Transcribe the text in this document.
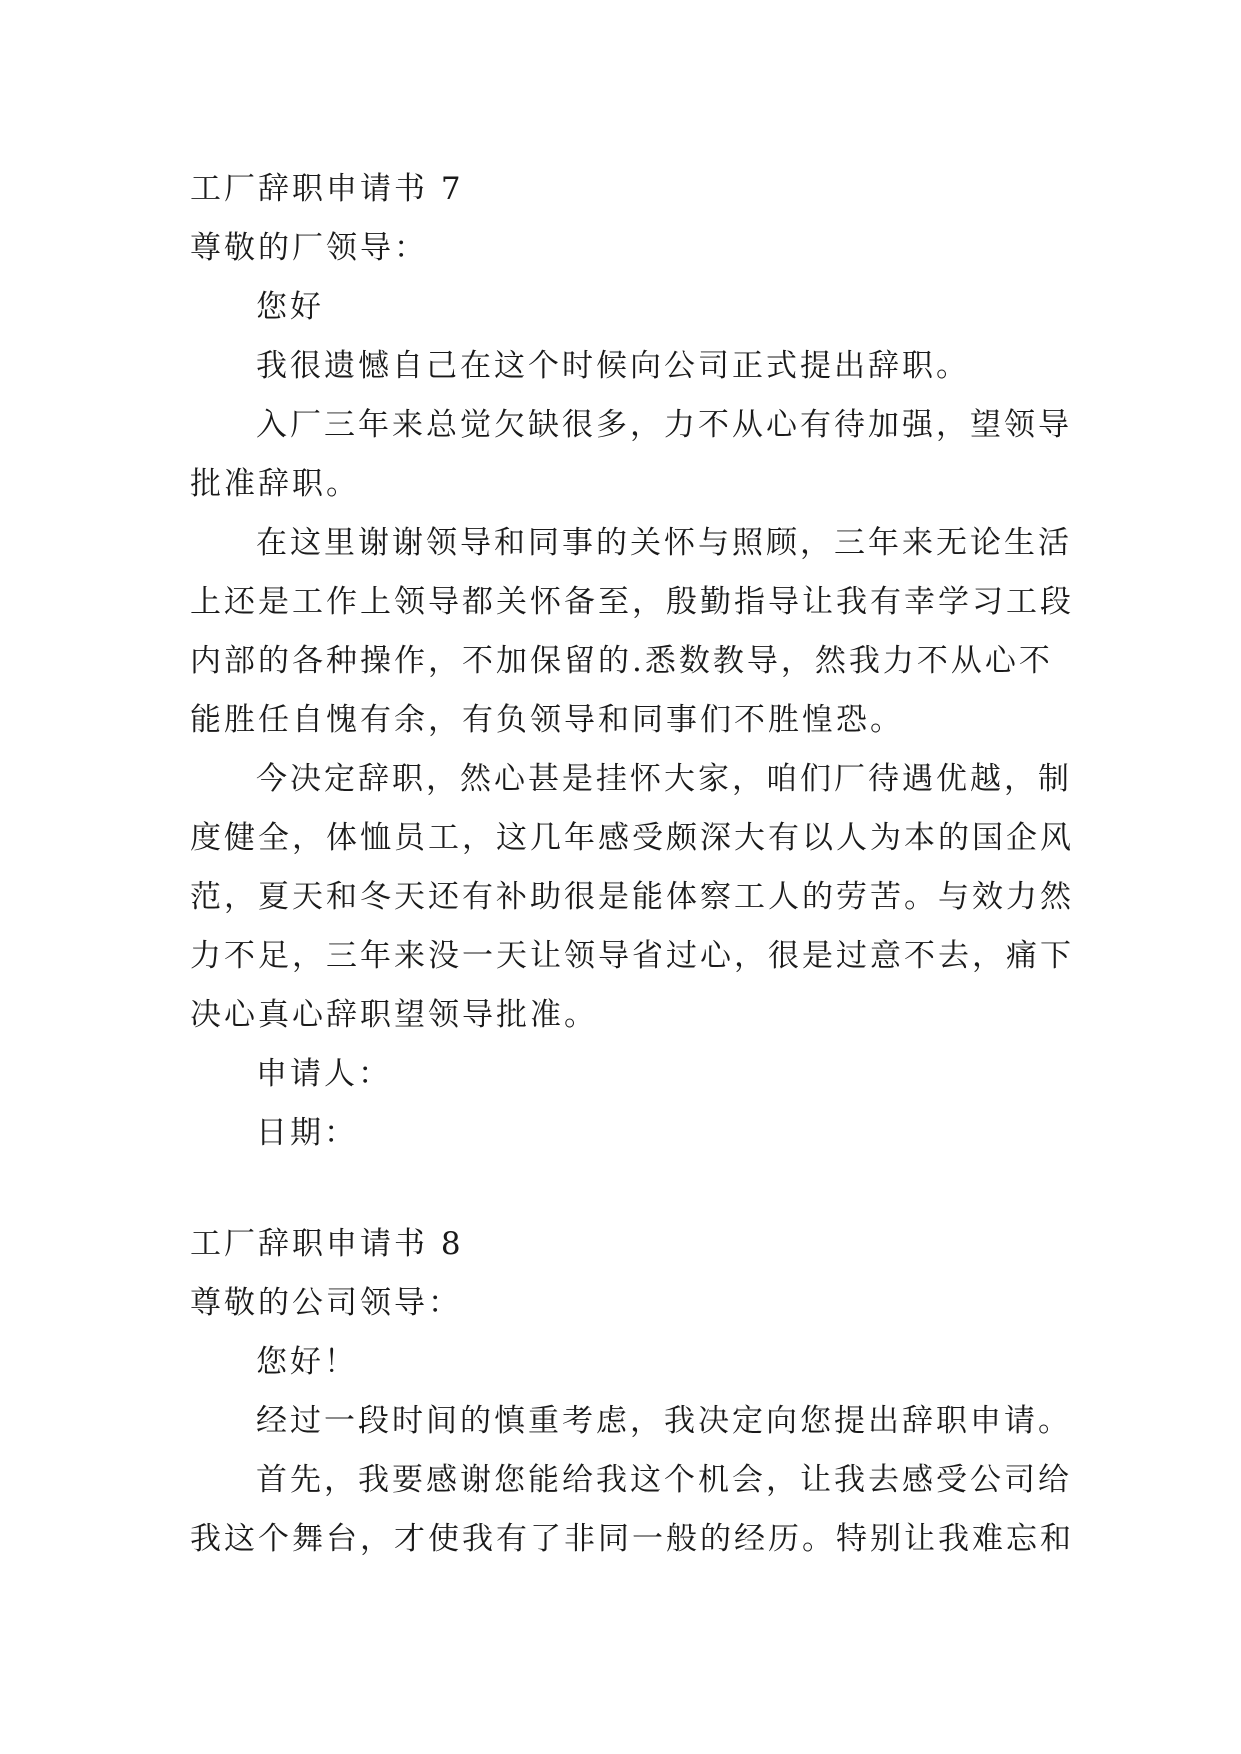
工厂辞职申请书 7
尊敬的厂领导：
您好
我很遗憾自己在这个时候向公司正式提出辞职。
入厂三年来总觉欠缺很多，力不从心有待加强，望领导
批准辞职。
在这里谢谢领导和同事的关怀与照顾，三年来无论生活
上还是工作上领导都关怀备至，殷勤指导让我有幸学习工段
内部的各种操作，不加保留的.悉数教导，然我力不从心不
能胜任自愧有余，有负领导和同事们不胜惶恐。
今决定辞职，然心甚是挂怀大家，咱们厂待遇优越，制
度健全，体恤员工，这几年感受颇深大有以人为本的国企风
范，夏天和冬天还有补助很是能体察工人的劳苦。与效力然
力不足，三年来没一天让领导省过心，很是过意不去，痛下
决心真心辞职望领导批准。
申请人：
日期：
工厂辞职申请书 8
尊敬的公司领导：
您好！
经过一段时间的慎重考虑，我决定向您提出辞职申请。
首先，我要感谢您能给我这个机会，让我去感受公司给
我这个舞台，才使我有了非同一般的经历。特别让我难忘和
